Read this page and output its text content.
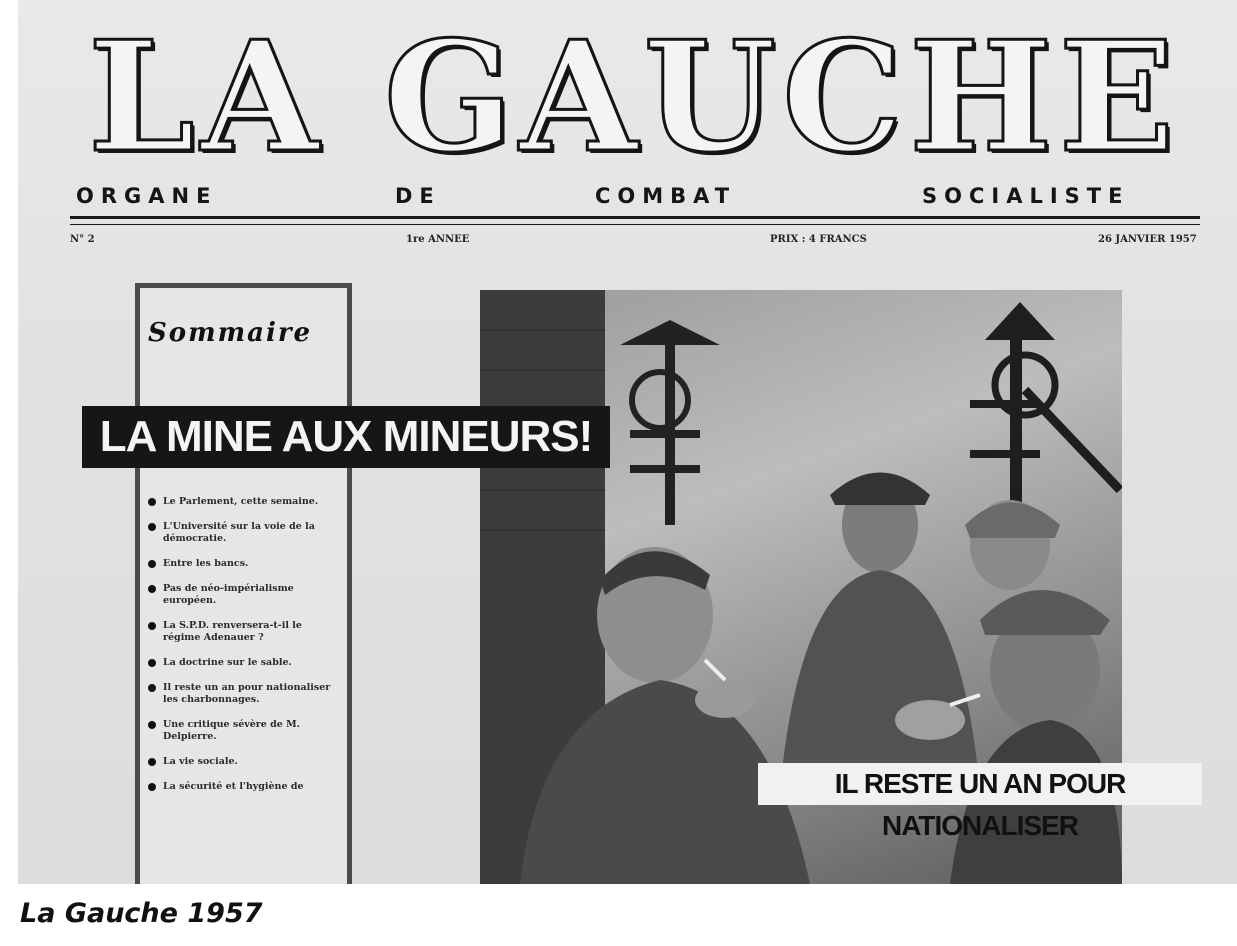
LA GAUCHE
ORGANE	DE	COMBAT	SOCIALISTE
N° 2	1re ANNEE	PRIX : 4 FRANCS	26 JANVIER 1957
Sommaire
Le Parlement, cette semaine.
L'Université sur la voie de la démocratie.
Entre les bancs.
Pas de néo-impérialisme européen.
La S.P.D. renversera-t-il le régime Adenauer ?
La doctrine sur le sable.
Il reste un an pour nationaliser les charbonnages.
Une critique sévère de M. Delpierre.
La vie sociale.
La sécurité et l'hygiène de
LA MINE AUX MINEURS!
IL RESTE UN AN POUR NATIONALISER
La Gauche 1957
